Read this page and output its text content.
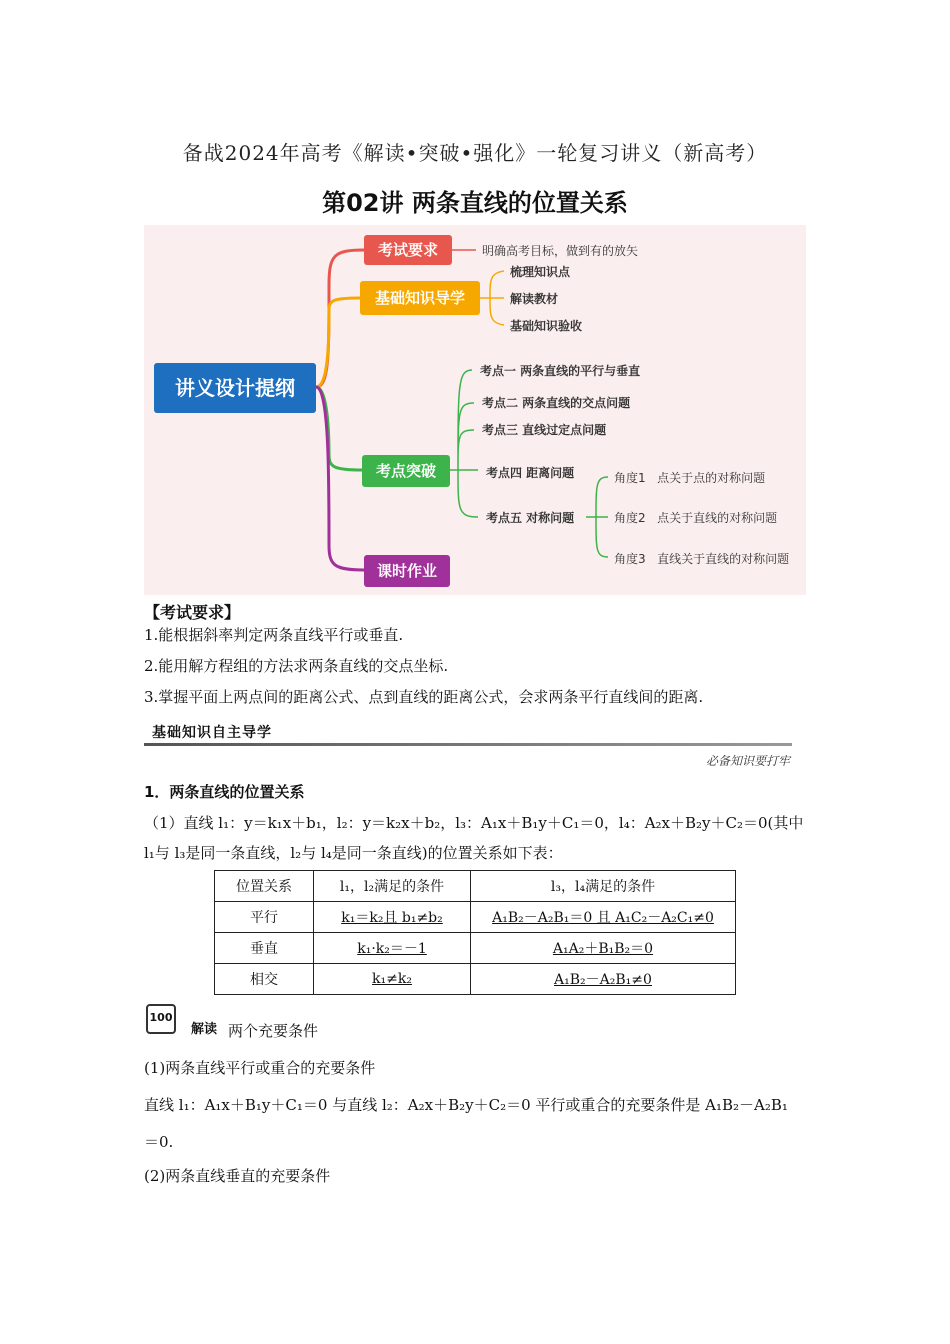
备战2024年高考《解读•突破•强化》一轮复习讲义（新高考）
第02讲 两条直线的位置关系
讲义设计提纲
考试要求
基础知识导学
考点突破
课时作业
明确高考目标，做到有的放矢
梳理知识点
解读教材
基础知识验收
考点一 两条直线的平行与垂直
考点二 两条直线的交点问题
考点三 直线过定点问题
考点四 距离问题
考点五 对称问题
角度1 点关于点的对称问题
角度2 点关于直线的对称问题
角度3 直线关于直线的对称问题
【考试要求】
1.能根据斜率判定两条直线平行或垂直.
2.能用解方程组的方法求两条直线的交点坐标.
3.掌握平面上两点间的距离公式、点到直线的距离公式，会求两条平行直线间的距离.
基础知识自主导学
必备知识要打牢
1．两条直线的位置关系
（1）直线 l₁：y＝k₁x＋b₁，l₂：y＝k₂x＋b₂，l₃：A₁x＋B₁y＋C₁＝0，l₄：A₂x＋B₂y＋C₂＝0(其中
l₁与 l₃是同一条直线，l₂与 l₄是同一条直线)的位置关系如下表：
位置关系	l₁，l₂满足的条件	l₃，l₄满足的条件
平行	k₁＝k₂且 b₁≠b₂	A₁B₂－A₂B₁＝0 且 A₁C₂－A₂C₁≠0
垂直	k₁·k₂＝－1	A₁A₂＋B₁B₂＝0
相交	k₁≠k₂	A₁B₂－A₂B₁≠0
100
解读 两个充要条件
(1)两条直线平行或重合的充要条件
直线 l₁：A₁x＋B₁y＋C₁＝0 与直线 l₂：A₂x＋B₂y＋C₂＝0 平行或重合的充要条件是 A₁B₂－A₂B₁
＝0.
(2)两条直线垂直的充要条件
